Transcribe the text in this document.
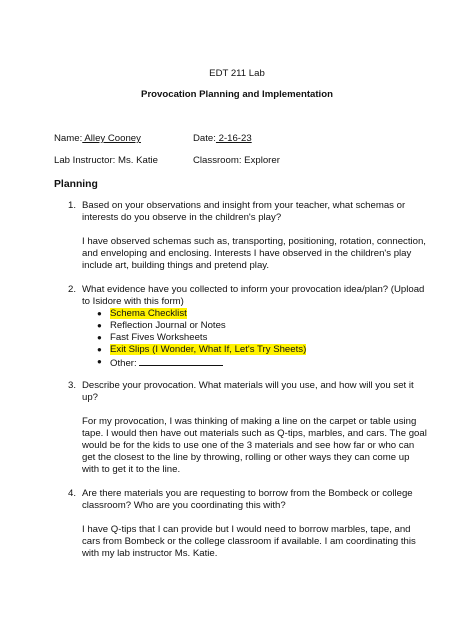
EDT 211 Lab
Provocation Planning and Implementation
Name: Alley Cooney	Date: 2-16-23
Lab Instructor: Ms. Katie	Classroom: Explorer
Planning
1. Based on your observations and insight from your teacher, what schemas or
interests do you observe in the children's play?
I have observed schemas such as, transporting, positioning, rotation, connection,
and enveloping and enclosing. Interests I have observed in the children's play
include art, building things and pretend play.
2. What evidence have you collected to inform your provocation idea/plan? (Upload
to Isidore with this form)
● Schema Checklist
● Reflection Journal or Notes
● Fast Fives Worksheets
● Exit Slips (I Wonder, What If, Let's Try Sheets)
● Other:
3. Describe your provocation. What materials will you use, and how will you set it
up?
For my provocation, I was thinking of making a line on the carpet or table using
tape. I would then have out materials such as Q-tips, marbles, and cars. The goal
would be for the kids to use one of the 3 materials and see how far or who can
get the closest to the line by throwing, rolling or other ways they can come up
with to get it to the line.
4. Are there materials you are requesting to borrow from the Bombeck or college
classroom? Who are you coordinating this with?
I have Q-tips that I can provide but I would need to borrow marbles, tape, and
cars from Bombeck or the college classroom if available. I am coordinating this
with my lab instructor Ms. Katie.
